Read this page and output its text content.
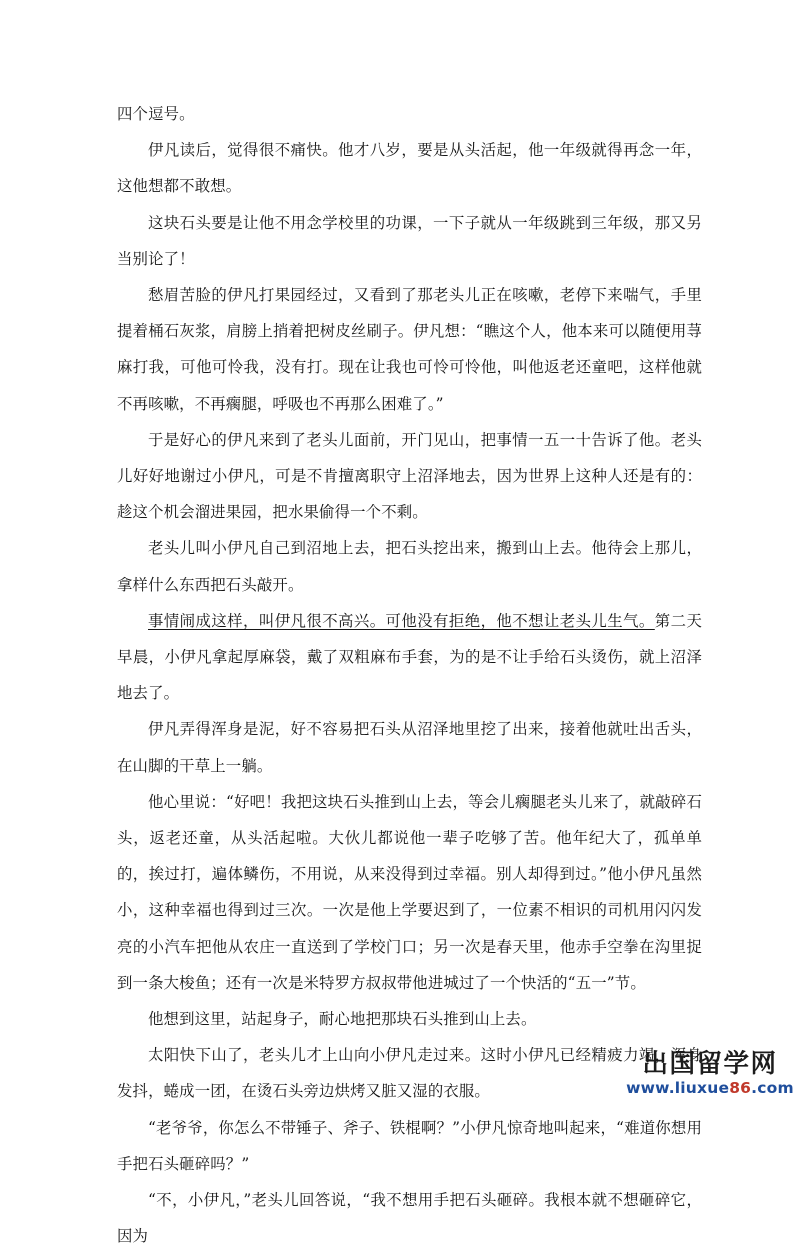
四个逗号。

伊凡读后，觉得很不痛快。他才八岁，要是从头活起，他一年级就得再念一年，这他想都不敢想。

这块石头要是让他不用念学校里的功课，一下子就从一年级跳到三年级，那又另当别论了！

愁眉苦脸的伊凡打果园经过，又看到了那老头儿正在咳嗽，老停下来喘气，手里提着桶石灰浆，肩膀上捎着把树皮丝刷子。伊凡想：“瞧这个人，他本来可以随便用荨麻打我，可他可怜我，没有打。现在让我也可怜可怜他，叫他返老还童吧，这样他就不再咳嗽，不再瘸腿，呼吸也不再那么困难了。”

于是好心的伊凡来到了老头儿面前，开门见山，把事情一五一十告诉了他。老头儿好好地谢过小伊凡，可是不肯擅离职守上沼泽地去，因为世界上这种人还是有的：趁这个机会溜进果园，把水果偷得一个不剩。

老头儿叫小伊凡自己到沼地上去，把石头挖出来，搬到山上去。他待会上那儿，拿样什么东西把石头敲开。

事情闹成这样，叫伊凡很不高兴。可他没有拒绝，他不想让老头儿生气。第二天早晨，小伊凡拿起厚麻袋，戴了双粗麻布手套，为的是不让手给石头烫伤，就上沼泽地去了。

伊凡弄得浑身是泥，好不容易把石头从沼泽地里挖了出来，接着他就吐出舌头，在山脚的干草上一躺。

他心里说：“好吧！我把这块石头推到山上去，等会儿瘸腿老头儿来了，就敲碎石头，返老还童，从头活起啦。大伙儿都说他一辈子吃够了苦。他年纪大了，孤单单的，挨过打，遍体鳞伤，不用说，从来没得到过幸福。别人却得到过。”他小伊凡虽然小，这种幸福也得到过三次。一次是他上学要迟到了，一位素不相识的司机用闪闪发亮的小汽车把他从农庄一直送到了学校门口；另一次是春天里，他赤手空拳在沟里捉到一条大梭鱼；还有一次是米特罗方叔叔带他进城过了一个快活的“五一”节。

他想到这里，站起身子，耐心地把那块石头推到山上去。

太阳快下山了，老头儿才上山向小伊凡走过来。这时小伊凡已经精疲力竭，浑身发抖，蜷成一团，在烫石头旁边烘烤又脏又湿的衣服。

“老爷爷，你怎么不带锤子、斧子、铁棍啊？”小伊凡惊奇地叫起来，“难道你想用手把石头砸碎吗？”

“不，小伊凡，”老头儿回答说，“我不想用手把石头砸碎。我根本就不想砸碎它，因为

出国留学网
www.liuxue86.com
